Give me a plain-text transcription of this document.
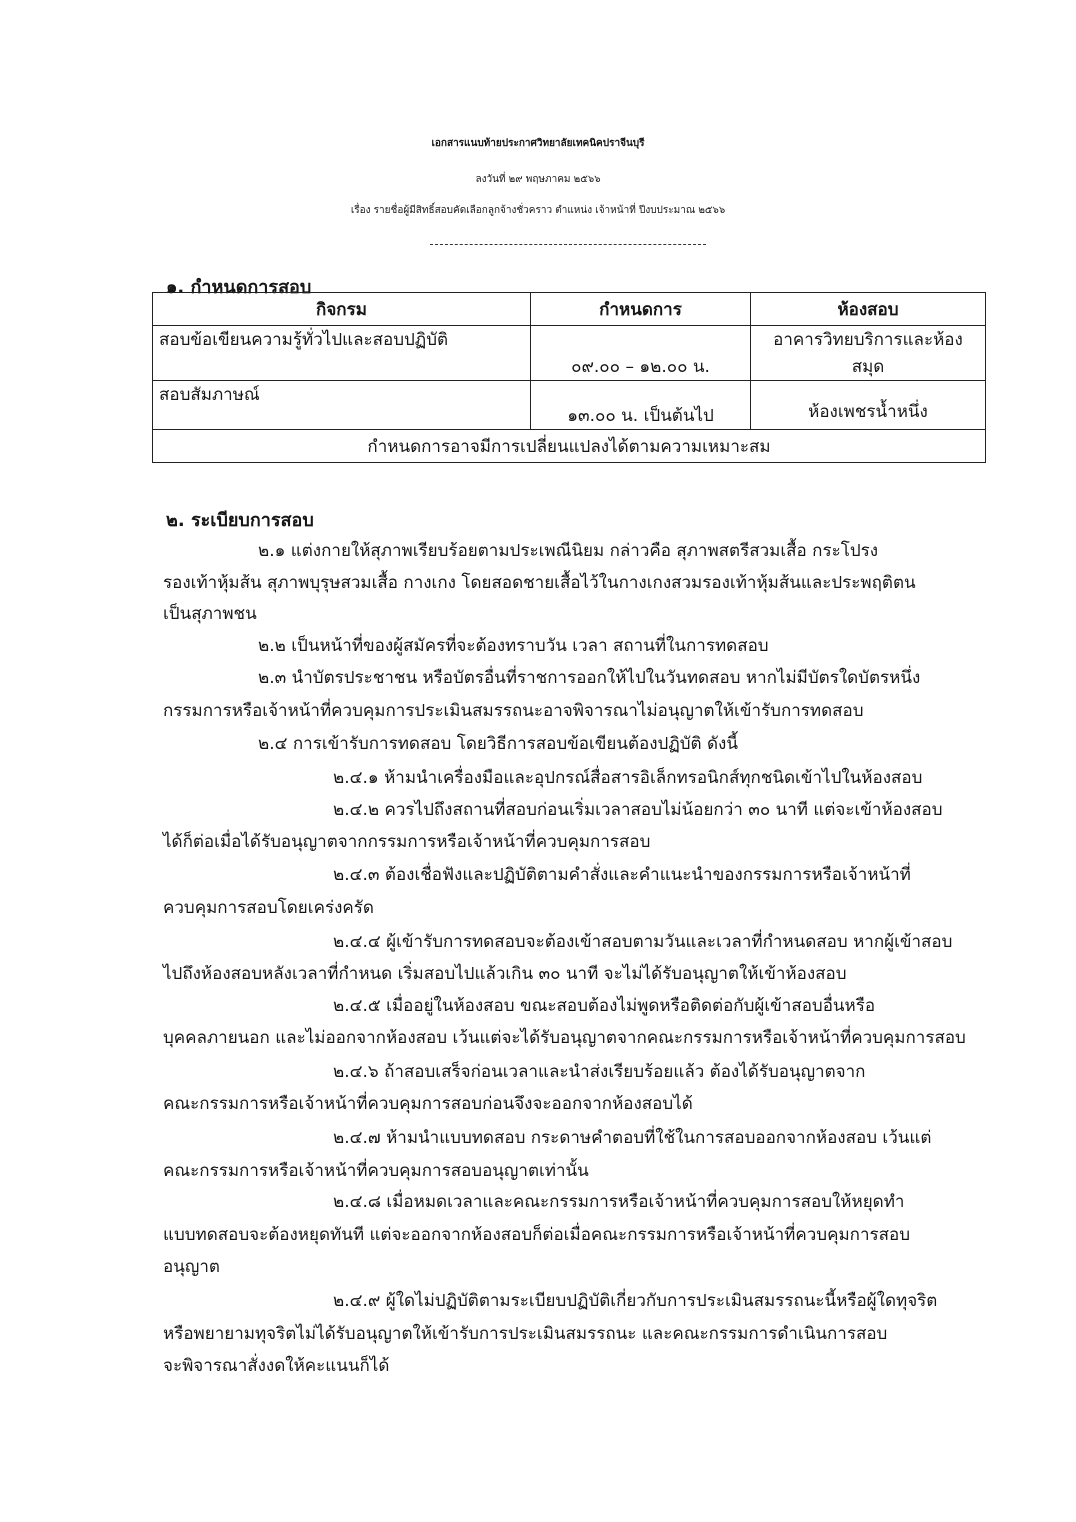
เอกสารแนบท้ายประกาศวิทยาลัยเทคนิคปราจีนบุรี
ลงวันที่ ๒๙ พฤษภาคม ๒๕๖๖
เรื่อง รายชื่อผู้มีสิทธิ์สอบคัดเลือกลูกจ้างชั่วคราว ตำแหน่ง เจ้าหน้าที่ ปีงบประมาณ ๒๕๖๖
๑. กำหนดการสอบ
กิจกรม	กำหนดการ	ห้องสอบ
สอบข้อเขียนความรู้ทั่วไปและสอบปฏิบัติ	๐๙.๐๐ – ๑๒.๐๐ น.	อาคารวิทยบริการและห้องสมุด
สอบสัมภาษณ์	๑๓.๐๐ น. เป็นต้นไป	ห้องเพชรน้ำหนึ่ง
กำหนดการอาจมีการเปลี่ยนแปลงได้ตามความเหมาะสม		
๒. ระเบียบการสอบ
๒.๑ แต่งกายให้สุภาพเรียบร้อยตามประเพณีนิยม กล่าวคือ สุภาพสตรีสวมเสื้อ กระโปรง
รองเท้าหุ้มส้น สุภาพบุรุษสวมเสื้อ กางเกง โดยสอดชายเสื้อไว้ในกางเกงสวมรองเท้าหุ้มส้นและประพฤติตน
เป็นสุภาพชน
๒.๒ เป็นหน้าที่ของผู้สมัครที่จะต้องทราบวัน เวลา สถานที่ในการทดสอบ
๒.๓ นำบัตรประชาชน หรือบัตรอื่นที่ราชการออกให้ไปในวันทดสอบ หากไม่มีบัตรใดบัตรหนึ่ง
กรรมการหรือเจ้าหน้าที่ควบคุมการประเมินสมรรถนะอาจพิจารณาไม่อนุญาตให้เข้ารับการทดสอบ
๒.๔ การเข้ารับการทดสอบ โดยวิธีการสอบข้อเขียนต้องปฏิบัติ ดังนี้
๒.๔.๑ ห้ามนำเครื่องมือและอุปกรณ์สื่อสารอิเล็กทรอนิกส์ทุกชนิดเข้าไปในห้องสอบ
๒.๔.๒ ควรไปถึงสถานที่สอบก่อนเริ่มเวลาสอบไม่น้อยกว่า ๓๐ นาที แต่จะเข้าห้องสอบ
ได้ก็ต่อเมื่อได้รับอนุญาตจากกรรมการหรือเจ้าหน้าที่ควบคุมการสอบ
๒.๔.๓ ต้องเชื่อฟังและปฏิบัติตามคำสั่งและคำแนะนำของกรรมการหรือเจ้าหน้าที่
ควบคุมการสอบโดยเคร่งครัด
๒.๔.๔ ผู้เข้ารับการทดสอบจะต้องเข้าสอบตามวันและเวลาที่กำหนดสอบ หากผู้เข้าสอบ
ไปถึงห้องสอบหลังเวลาที่กำหนด เริ่มสอบไปแล้วเกิน ๓๐ นาที จะไม่ได้รับอนุญาตให้เข้าห้องสอบ
๒.๔.๕ เมื่ออยู่ในห้องสอบ ขณะสอบต้องไม่พูดหรือติดต่อกับผู้เข้าสอบอื่นหรือ
บุคคลภายนอก และไม่ออกจากห้องสอบ เว้นแต่จะได้รับอนุญาตจากคณะกรรมการหรือเจ้าหน้าที่ควบคุมการสอบ
๒.๔.๖ ถ้าสอบเสร็จก่อนเวลาและนำส่งเรียบร้อยแล้ว ต้องได้รับอนุญาตจาก
คณะกรรมการหรือเจ้าหน้าที่ควบคุมการสอบก่อนจึงจะออกจากห้องสอบได้
๒.๔.๗ ห้ามนำแบบทดสอบ กระดาษคำตอบที่ใช้ในการสอบออกจากห้องสอบ เว้นแต่
คณะกรรมการหรือเจ้าหน้าที่ควบคุมการสอบอนุญาตเท่านั้น
๒.๔.๘ เมื่อหมดเวลาและคณะกรรมการหรือเจ้าหน้าที่ควบคุมการสอบให้หยุดทำ
แบบทดสอบจะต้องหยุดทันที แต่จะออกจากห้องสอบก็ต่อเมื่อคณะกรรมการหรือเจ้าหน้าที่ควบคุมการสอบ
อนุญาต
๒.๔.๙ ผู้ใดไม่ปฏิบัติตามระเบียบปฏิบัติเกี่ยวกับการประเมินสมรรถนะนี้หรือผู้ใดทุจริต
หรือพยายามทุจริตไม่ได้รับอนุญาตให้เข้ารับการประเมินสมรรถนะ และคณะกรรมการดำเนินการสอบ
จะพิจารณาสั่งงดให้คะแนนก็ได้
